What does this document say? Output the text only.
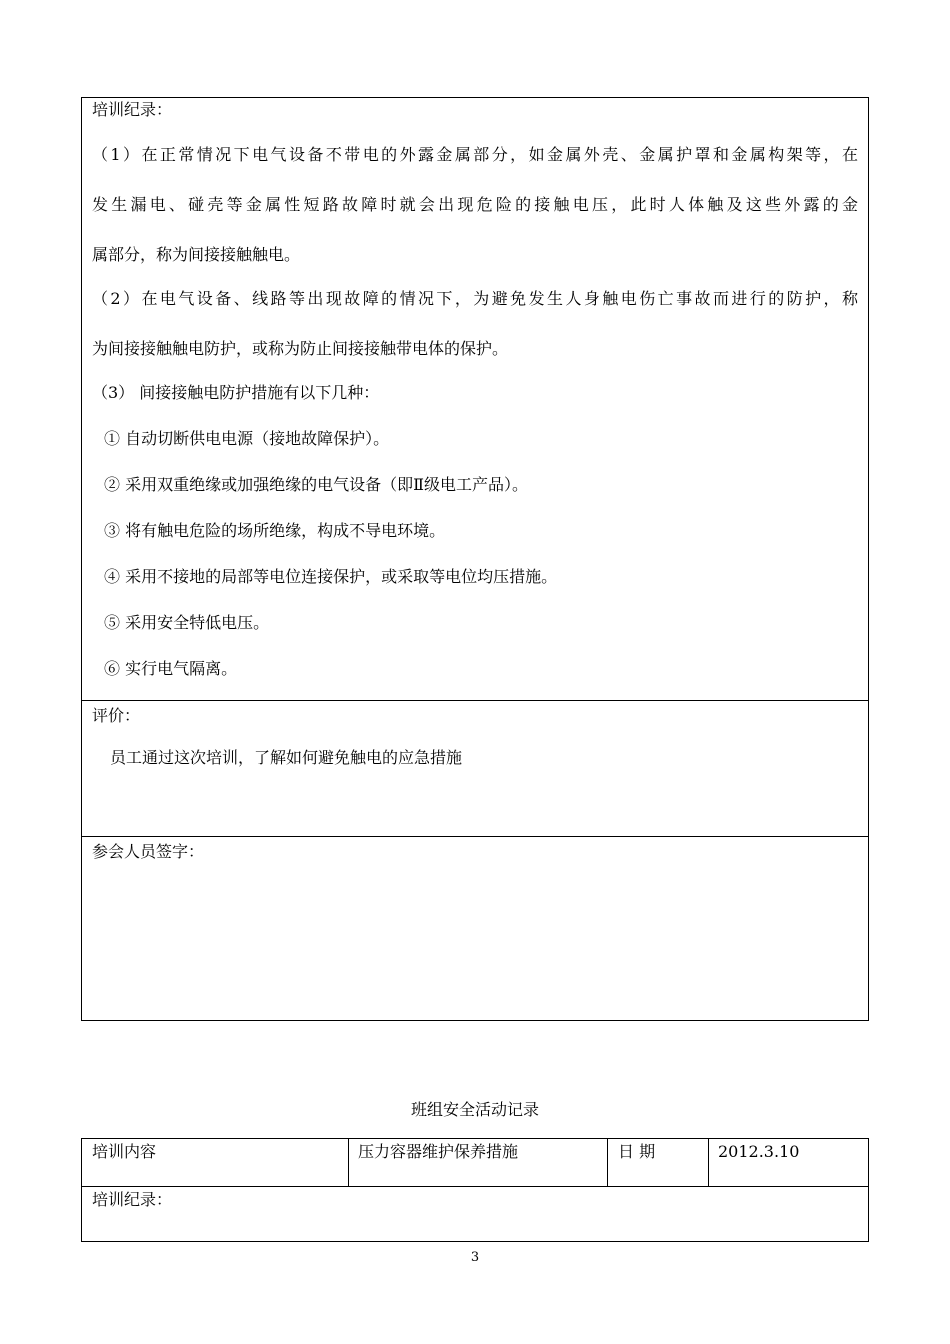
培训纪录：
（1）在正常情况下电气设备不带电的外露金属部分，如金属外壳、金属护罩和金属构架等，在
发生漏电、碰壳等金属性短路故障时就会出现危险的接触电压，此时人体触及这些外露的金
属部分，称为间接接触触电。
（2）在电气设备、线路等出现故障的情况下，为避免发生人身触电伤亡事故而进行的防护，称
为间接接触触电防护，或称为防止间接接触带电体的保护。
（3） 间接接触电防护措施有以下几种：
① 自动切断供电电源（接地故障保护）。
② 采用双重绝缘或加强绝缘的电气设备（即Ⅱ级电工产品）。
③ 将有触电危险的场所绝缘，构成不导电环境。
④ 采用不接地的局部等电位连接保护，或采取等电位均压措施。
⑤ 采用安全特低电压。
⑥ 实行电气隔离。
评价：
员工通过这次培训，了解如何避免触电的应急措施
参会人员签字：
班组安全活动记录
培训内容	压力容器维护保养措施	日 期	2012.3.10
培训纪录：
3
